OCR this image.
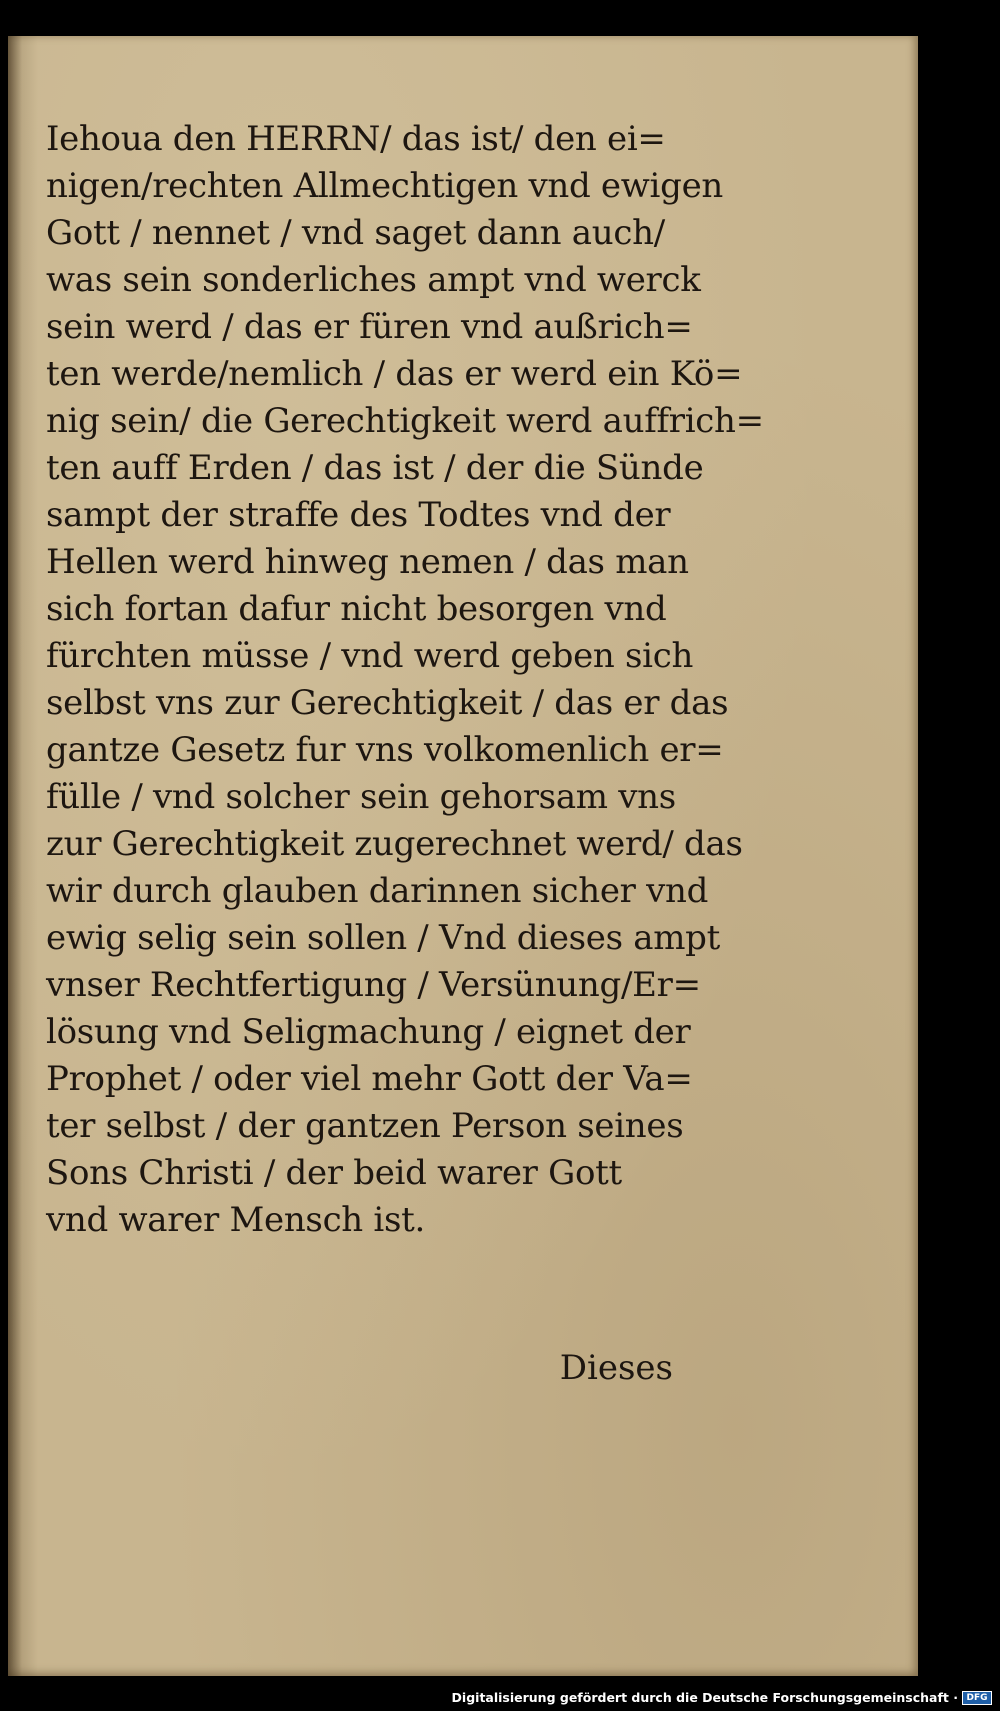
Iehoua den HERRN/ das ist/ den ei=
nigen/rechten Allmechtigen vnd ewigen
Gott / nennet / vnd saget dann auch/
was sein sonderliches ampt vnd werck
sein werd / das er füren vnd außrich=
ten werde/nemlich / das er werd ein Kö=
nig sein/ die Gerechtigkeit werd auffrich=
ten auff Erden / das ist / der die Sünde
sampt der straffe des Todtes vnd der
Hellen werd hinweg nemen / das man
sich fortan dafur nicht besorgen vnd
fürchten müsse / vnd werd geben sich
selbst vns zur Gerechtigkeit / das er das
gantze Gesetz fur vns volkomenlich er=
fülle / vnd solcher sein gehorsam vns
zur Gerechtigkeit zugerechnet werd/ das
wir durch glauben darinnen sicher vnd
ewig selig sein sollen / Vnd dieses ampt
vnser Rechtfertigung / Versünung/Er=
lösung vnd Seligmachung / eignet der
Prophet / oder viel mehr Gott der Va=
ter selbst / der gantzen Person seines
Sons Christi / der beid warer Gott
vnd warer Mensch ist.
Dieses
Digitalisierung gefördert durch die Deutsche Forschungsgemeinschaft · DFG
